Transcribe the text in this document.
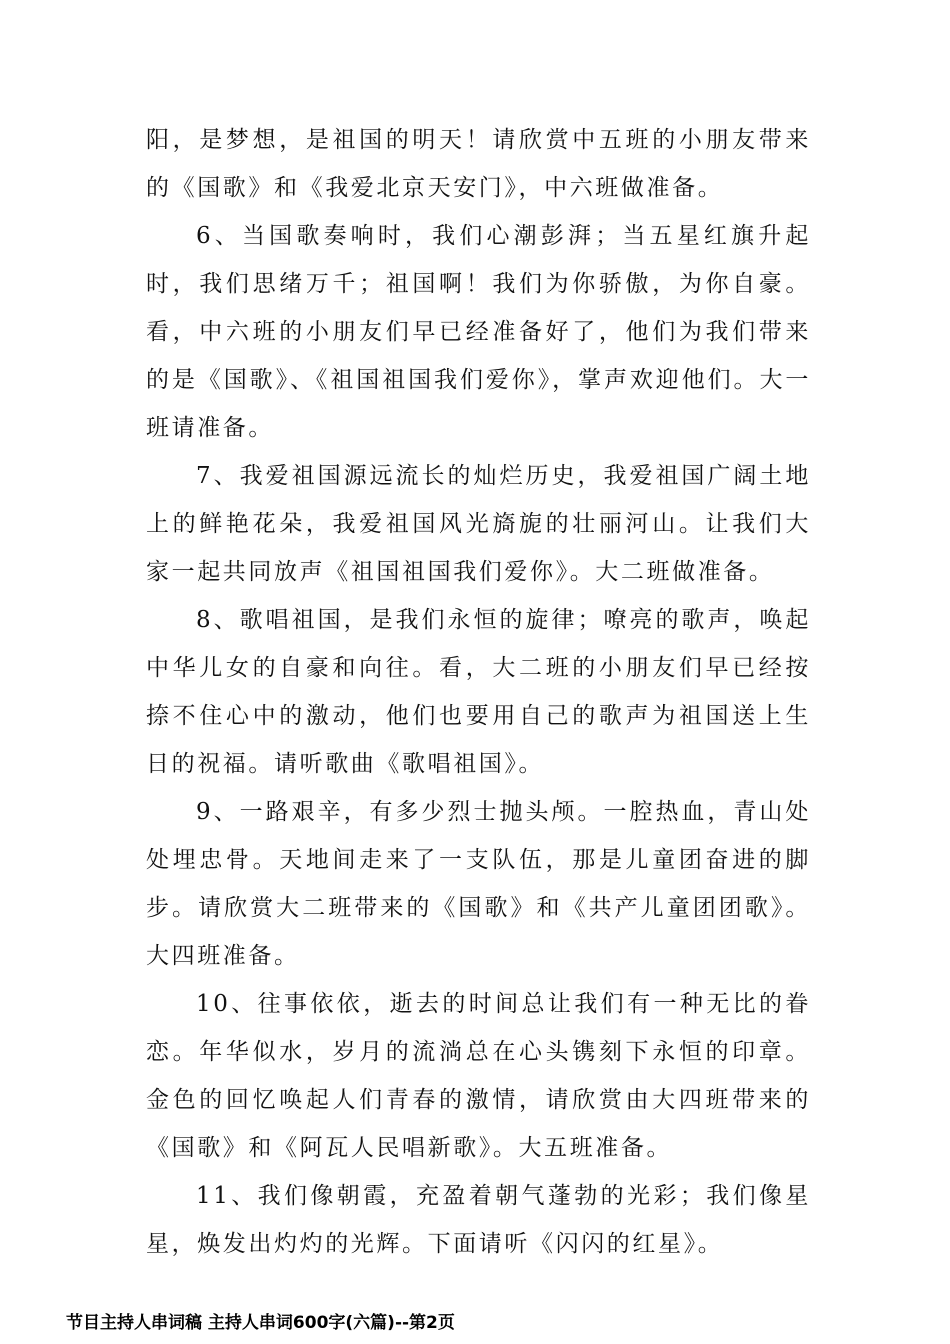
阳，是梦想，是祖国的明天！请欣赏中五班的小朋友带来的《国歌》和《我爱北京天安门》，中六班做准备。

6、当国歌奏响时，我们心潮彭湃；当五星红旗升起时，我们思绪万千；祖国啊！我们为你骄傲，为你自豪。看，中六班的小朋友们早已经准备好了，他们为我们带来的是《国歌》、《祖国祖国我们爱你》，掌声欢迎他们。大一班请准备。

7、我爱祖国源远流长的灿烂历史，我爱祖国广阔土地上的鲜艳花朵，我爱祖国风光旖旎的壮丽河山。让我们大家一起共同放声《祖国祖国我们爱你》。大二班做准备。

8、歌唱祖国，是我们永恒的旋律；嘹亮的歌声，唤起中华儿女的自豪和向往。看，大二班的小朋友们早已经按捺不住心中的激动，他们也要用自己的歌声为祖国送上生日的祝福。请听歌曲《歌唱祖国》。

9、一路艰辛，有多少烈士抛头颅。一腔热血，青山处处埋忠骨。天地间走来了一支队伍，那是儿童团奋进的脚步。请欣赏大二班带来的《国歌》和《共产儿童团团歌》。大四班准备。

10、往事依依，逝去的时间总让我们有一种无比的眷恋。年华似水，岁月的流淌总在心头镌刻下永恒的印章。金色的回忆唤起人们青春的激情，请欣赏由大四班带来的《国歌》和《阿瓦人民唱新歌》。大五班准备。

11、我们像朝霞，充盈着朝气蓬勃的光彩；我们像星星，焕发出灼灼的光辉。下面请听《闪闪的红星》。

节目主持人串词稿 主持人串词600字(六篇)--第2页
